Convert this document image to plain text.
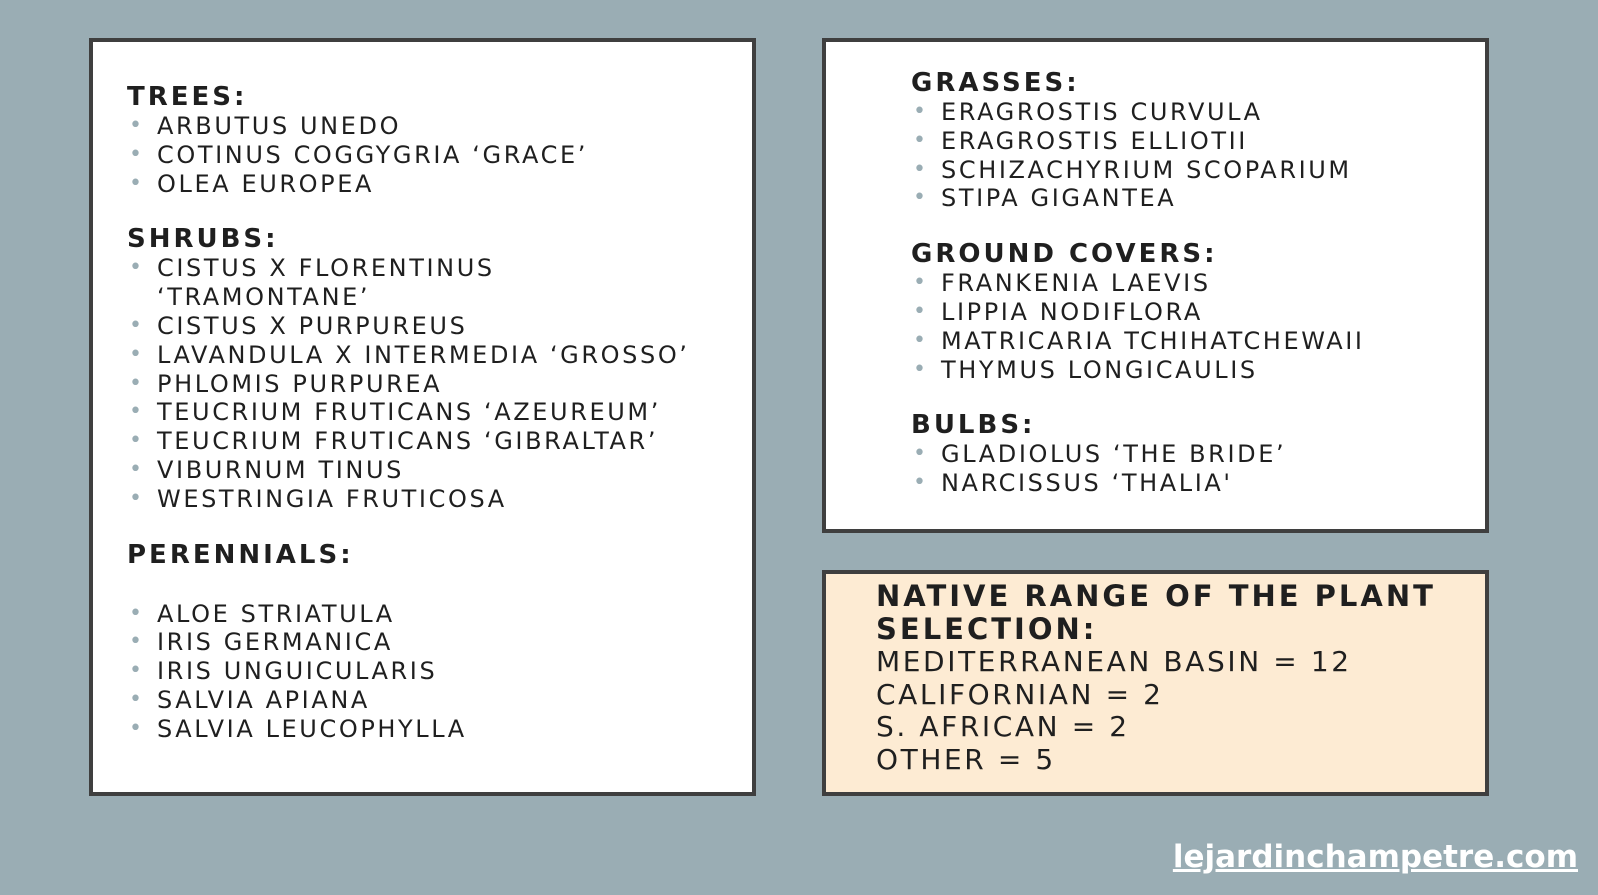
TREES:
• ARBUTUS UNEDO
• COTINUS COGGYGRIA ‘GRACE’
• OLEA EUROPEA
SHRUBS:
• CISTUS X FLORENTINUS
‘TRAMONTANE’
• CISTUS X PURPUREUS
• LAVANDULA X INTERMEDIA ‘GROSSO’
• PHLOMIS PURPUREA
• TEUCRIUM FRUTICANS ‘AZEUREUM’
• TEUCRIUM FRUTICANS ‘GIBRALTAR’
• VIBURNUM TINUS
• WESTRINGIA FRUTICOSA
PERENNIALS:
• ALOE STRIATULA
• IRIS GERMANICA
• IRIS UNGUICULARIS
• SALVIA APIANA
• SALVIA LEUCOPHYLLA
GRASSES:
• ERAGROSTIS CURVULA
• ERAGROSTIS ELLIOTII
• SCHIZACHYRIUM SCOPARIUM
• STIPA GIGANTEA
GROUND COVERS:
• FRANKENIA LAEVIS
• LIPPIA NODIFLORA
• MATRICARIA TCHIHATCHEWAII
• THYMUS LONGICAULIS
BULBS:
• GLADIOLUS ‘THE BRIDE’
• NARCISSUS ‘THALIA'
NATIVE RANGE OF THE PLANT SELECTION:
MEDITERRANEAN BASIN = 12
CALIFORNIAN = 2
S. AFRICAN = 2
OTHER = 5
lejardinchampetre.com
